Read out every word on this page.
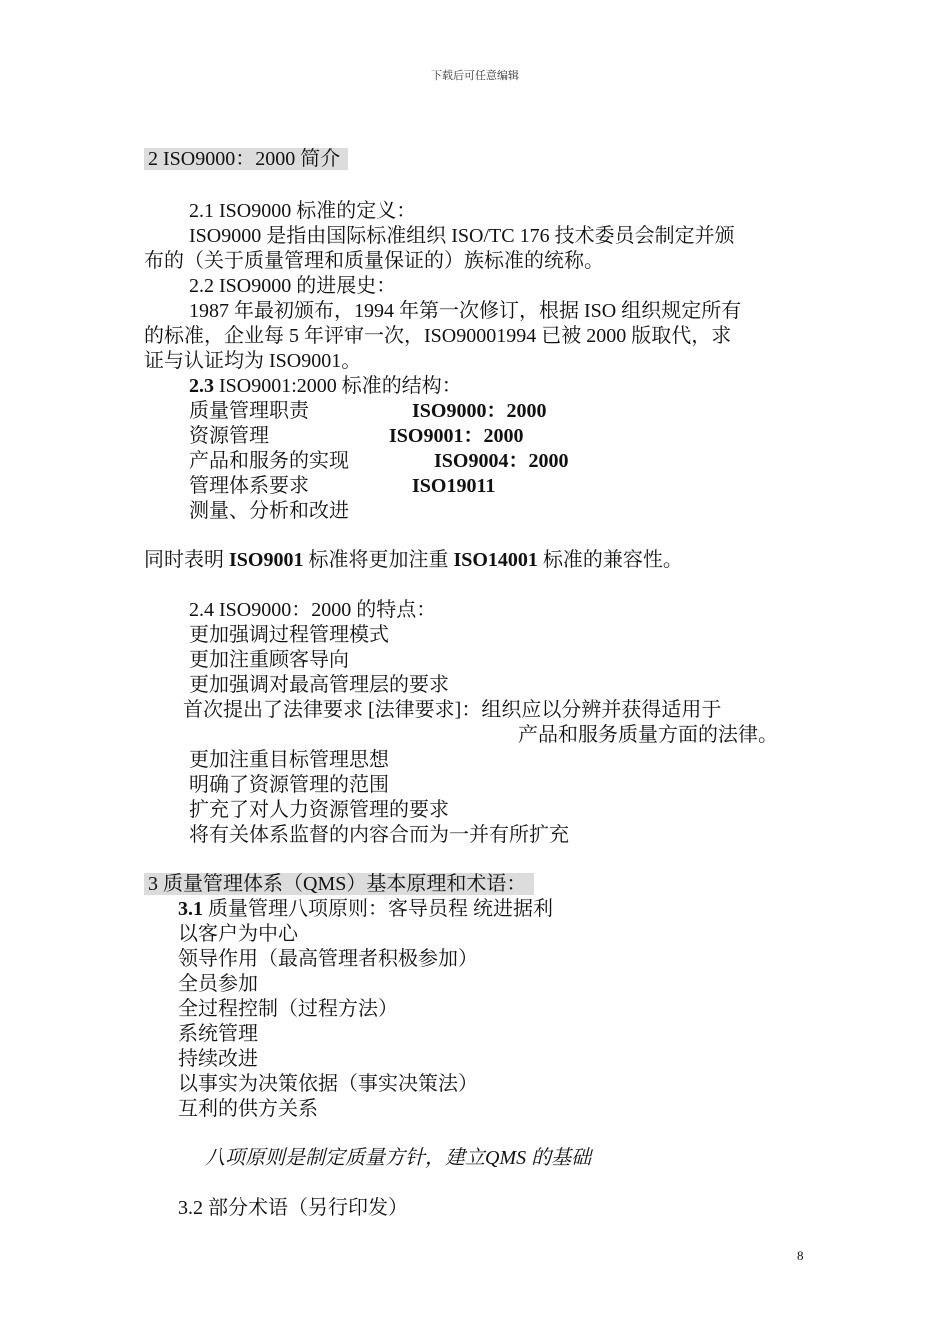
下载后可任意编辑
2 ISO9000：2000 简介
2.1 ISO9000 标准的定义：
ISO9000 是指由国际标准组织 ISO/TC 176 技术委员会制定并颁
布的（关于质量管理和质量保证的）族标准的统称。
2.2 ISO9000 的进展史：
1987 年最初颁布，1994 年第一次修订，根据 ISO 组织规定所有
的标准，企业每 5 年评审一次，ISO90001994 已被 2000 版取代，求
证与认证均为 ISO9001。
2.3 ISO9001:2000 标准的结构：
质量管理职责	ISO9000：2000
资源管理	ISO9001：2000
产品和服务的实现	ISO9004：2000
管理体系要求	ISO19011
测量、分析和改进
同时表明 ISO9001 标准将更加注重 ISO14001 标准的兼容性。
2.4 ISO9000：2000 的特点：
更加强调过程管理模式
更加注重顾客导向
更加强调对最高管理层的要求
首次提出了法律要求 [法律要求]：组织应以分辨并获得适用于
产品和服务质量方面的法律。
更加注重目标管理思想
明确了资源管理的范围
扩充了对人力资源管理的要求
将有关体系监督的内容合而为一并有所扩充
3 质量管理体系（QMS）基本原理和术语：
3.1 质量管理八项原则：客导员程 统进据利
以客户为中心
领导作用（最高管理者积极参加）
全员参加
全过程控制（过程方法）
系统管理
持续改进
以事实为决策依据（事实决策法）
互利的供方关系
八项原则是制定质量方针，建立QMS 的基础
3.2 部分术语（另行印发）
8
